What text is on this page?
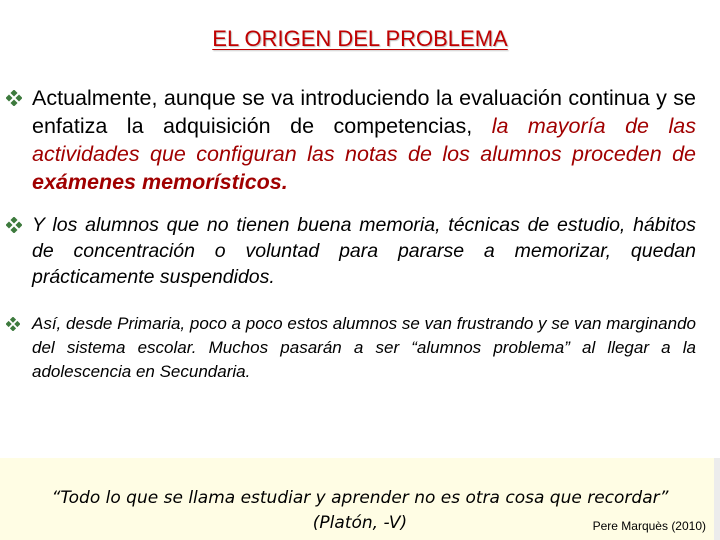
EL ORIGEN DEL PROBLEMA
Actualmente, aunque se va introduciendo la evaluación continua y se enfatiza la adquisición de competencias, la mayoría de las actividades que configuran las notas de los alumnos proceden de exámenes memorísticos.
Y los alumnos que no tienen buena memoria, técnicas de estudio, hábitos de concentración o voluntad para pararse a memorizar, quedan prácticamente suspendidos.
Así, desde Primaria, poco a poco estos alumnos se van frustrando y se van marginando del sistema escolar. Muchos pasarán a ser “alumnos problema” al llegar a la adolescencia en Secundaria.
“Todo lo que se llama estudiar y aprender no es otra cosa que recordar”
(Platón, -V)	Pere Marquès (2010)
